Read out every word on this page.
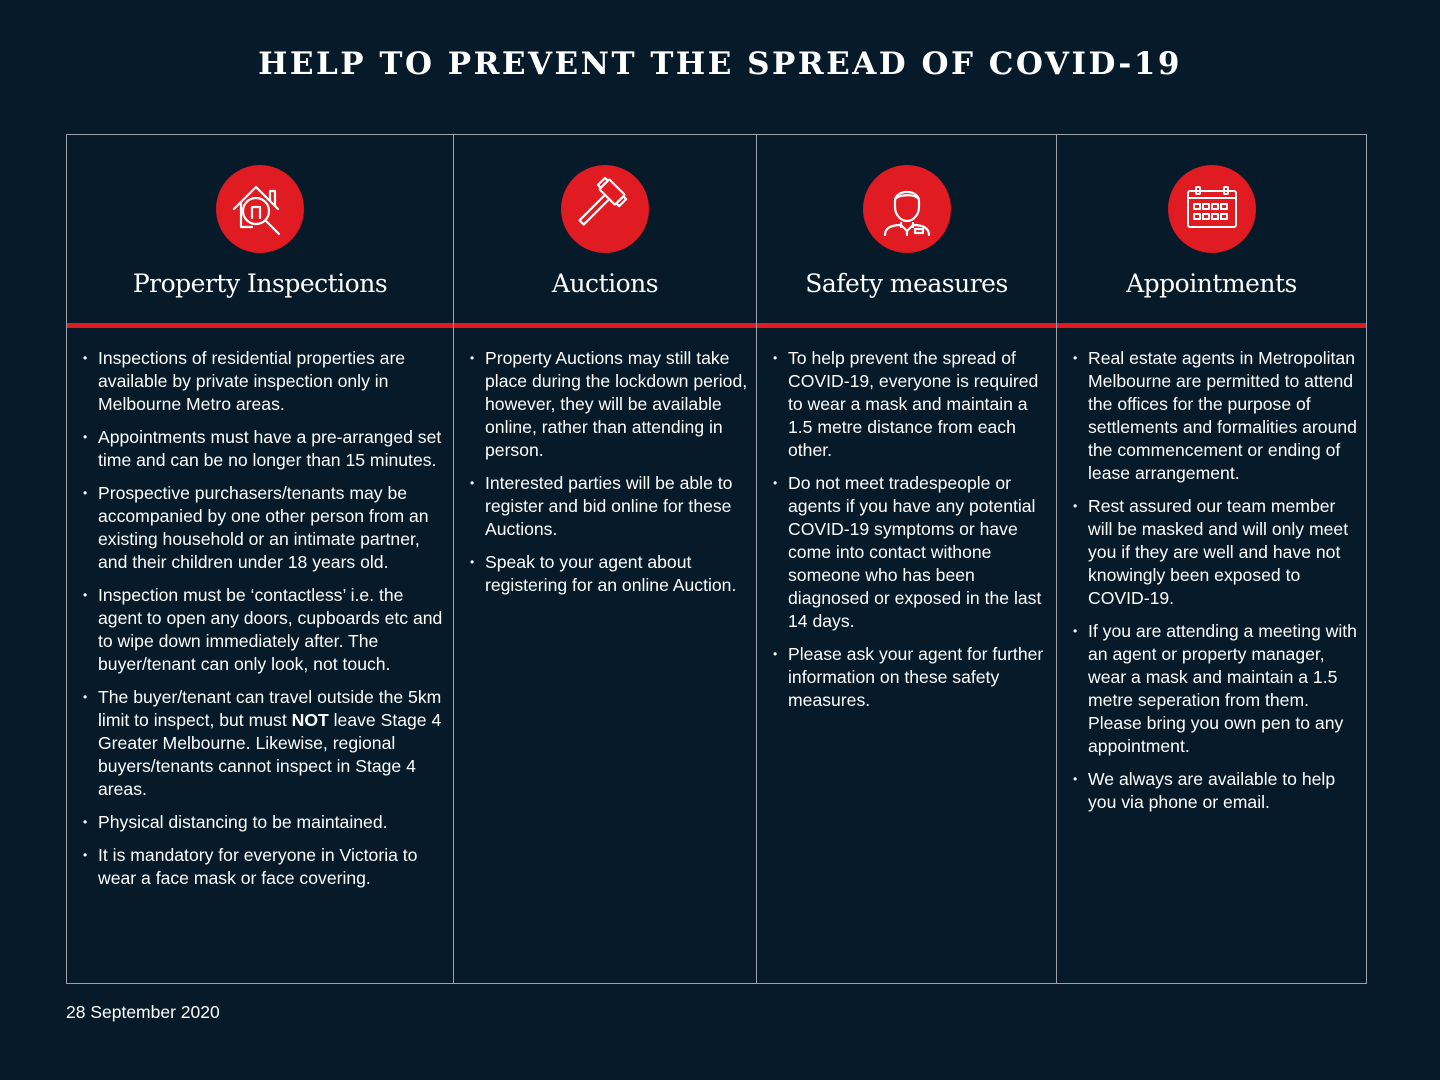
HELP TO PREVENT THE SPREAD OF COVID-19
Property Inspections
• Inspections of residential properties are available by private inspection only in Melbourne Metro areas.
• Appointments must have a pre-arranged set time and can be no longer than 15 minutes.
• Prospective purchasers/tenants may be accompanied by one other person from an existing household or an intimate partner, and their children under 18 years old.
• Inspection must be ‘contactless’ i.e. the agent to open any doors, cupboards etc and to wipe down immediately after. The buyer/tenant can only look, not touch.
• The buyer/tenant can travel outside the 5km limit to inspect, but must NOT leave Stage 4 Greater Melbourne. Likewise, regional buyers/tenants cannot inspect in Stage 4 areas.
• Physical distancing to be maintained.
• It is mandatory for everyone in Victoria to wear a face mask or face covering.
Auctions
• Property Auctions may still take place during the lockdown period, however, they will be available online, rather than attending in person.
• Interested parties will be able to register and bid online for these Auctions.
• Speak to your agent about registering for an online Auction.
Safety measures
• To help prevent the spread of COVID-19, everyone is required to wear a mask and maintain a 1.5 metre distance from each other.
• Do not meet tradespeople or agents if you have any potential COVID-19 symptoms or have come into contact withone someone who has been diagnosed or exposed in the last 14 days.
• Please ask your agent for further information on these safety measures.
Appointments
• Real estate agents in Metropolitan Melbourne are permitted to attend the offices for the purpose of settlements and formalities around the commencement or ending of lease arrangement.
• Rest assured our team member will be masked and will only meet you if they are well and have not knowingly been exposed to COVID-19.
• If you are attending a meeting with an agent or property manager, wear a mask and maintain a 1.5 metre seperation from them. Please bring you own pen to any appointment.
• We always are available to help you via phone or email.
28 September 2020
